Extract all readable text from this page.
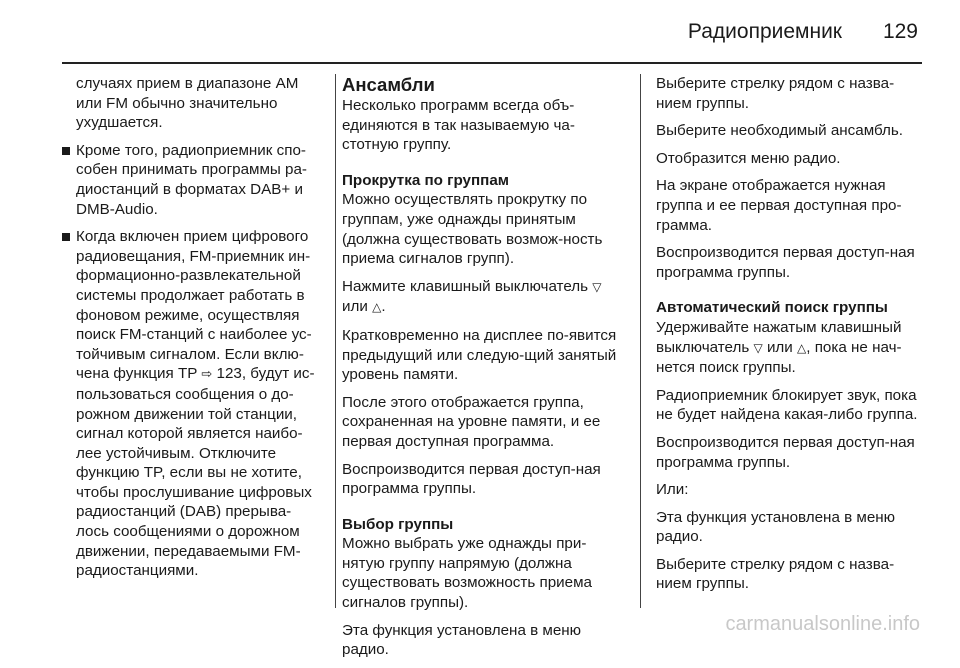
Радиоприемник 129

случаях прием в диапазоне AM или FM обычно значительно ухудшается.

Кроме того, радиоприемник спо-собен принимать программы ра-диостанций в форматах DAB+ и DMB-Audio.
Когда включен прием цифрового радиовещания, FM-приемник ин-формационно-развлекательной системы продолжает работать в фоновом режиме, осуществляя поиск FM-станций с наиболее ус-тойчивым сигналом. Если вклю-чена функция TP ⇨ 123, будут ис-пользоваться сообщения о до-рожном движении той станции, сигнал которой является наибо-лее устойчивым. Отключите функцию TP, если вы не хотите, чтобы прослушивание цифровых радиостанций (DAB) прерыва-лось сообщениями о дорожном движении, передаваемыми FM-радиостанциями.
Ансамбли

Несколько программ всегда объ-единяются в так называемую ча-стотную группу.

Прокрутка по группам

Можно осуществлять прокрутку по группам, уже однажды принятым (должна существовать возмож-ность приема сигналов групп).

Нажмите клавишный выключатель ▽ или △.

Кратковременно на дисплее по-явится предыдущий или следую-щий занятый уровень памяти.

После этого отображается группа, сохраненная на уровне памяти, и ее первая доступная программа.

Воспроизводится первая доступ-ная программа группы.

Выбор группы

Можно выбрать уже однажды при-нятую группу напрямую (должна существовать возможность приема сигналов группы).

Эта функция установлена в меню радио.

Выберите стрелку рядом с назва-нием группы.

Выберите необходимый ансамбль.

Отобразится меню радио.

На экране отображается нужная группа и ее первая доступная про-грамма.

Воспроизводится первая доступ-ная программа группы.

Автоматический поиск группы

Удерживайте нажатым клавишный выключатель ▽ или △, пока не нач-нется поиск группы.

Радиоприемник блокирует звук, пока не будет найдена какая-либо группа.

Воспроизводится первая доступ-ная программа группы.

Или:

Эта функция установлена в меню радио.

Выберите стрелку рядом с назва-нием группы.

carmanualsonline.info
